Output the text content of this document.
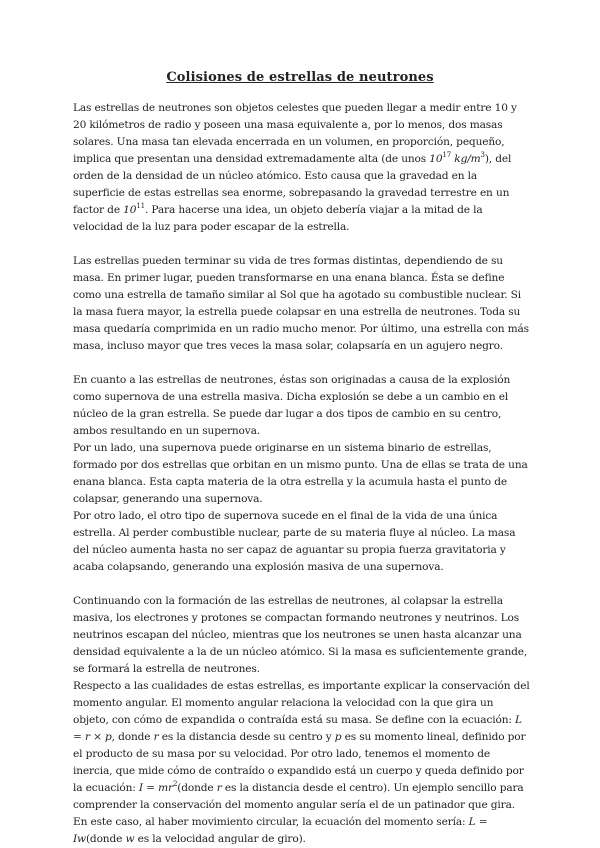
Colisiones de estrellas de neutrones

Las estrellas de neutrones son objetos celestes que pueden llegar a medir entre 10 y 20 kilómetros de radio y poseen una masa equivalente a, por lo menos, dos masas solares. Una masa tan elevada encerrada en un volumen, en proporción, pequeño, implica que presentan una densidad extremadamente alta (de unos $10^{17}$ $kg/m^3$), del orden de la densidad de un núcleo atómico. Esto causa que la gravedad en la superficie de estas estrellas sea enorme, sobrepasando la gravedad terrestre en un factor de $10^{11}$. Para hacerse una idea, un objeto debería viajar a la mitad de la velocidad de la luz para poder escapar de la estrella.

Las estrellas pueden terminar su vida de tres formas distintas, dependiendo de su masa. En primer lugar, pueden transformarse en una enana blanca. Ésta se define como una estrella de tamaño similar al Sol que ha agotado su combustible nuclear. Si la masa fuera mayor, la estrella puede colapsar en una estrella de neutrones. Toda su masa quedaría comprimida en un radio mucho menor. Por último, una estrella con más masa, incluso mayor que tres veces la masa solar, colapsaría en un agujero negro.

En cuanto a las estrellas de neutrones, éstas son originadas a causa de la explosión como supernova de una estrella masiva. Dicha explosión se debe a un cambio en el núcleo de la gran estrella. Se puede dar lugar a dos tipos de cambio en su centro, ambos resultando en un supernova.

Por un lado, una supernova puede originarse en un sistema binario de estrellas, formado por dos estrellas que orbitan en un mismo punto. Una de ellas se trata de una enana blanca. Esta capta materia de la otra estrella y la acumula hasta el punto de colapsar, generando una supernova.

Por otro lado, el otro tipo de supernova sucede en el final de la vida de una única estrella. Al perder combustible nuclear, parte de su materia fluye al núcleo. La masa del núcleo aumenta hasta no ser capaz de aguantar su propia fuerza gravitatoria y acaba colapsando, generando una explosión masiva de una supernova.

Continuando con la formación de las estrellas de neutrones, al colapsar la estrella masiva, los electrones y protones se compactan formando neutrones y neutrinos. Los neutrinos escapan del núcleo, mientras que los neutrones se unen hasta alcanzar una densidad equivalente a la de un núcleo atómico. Si la masa es suficientemente grande, se formará la estrella de neutrones.

Respecto a las cualidades de estas estrellas, es importante explicar la conservación del momento angular. El momento angular relaciona la velocidad con la que gira un objeto, con cómo de expandida o contraída está su masa. Se define con la ecuación: L = r × p, donde r es la distancia desde su centro y p es su momento lineal, definido por el producto de su masa por su velocidad. Por otro lado, tenemos el momento de inercia, que mide cómo de contraído o expandido está un cuerpo y queda definido por la ecuación: $I = mr^2(donde$ r es la distancia desde el centro). Un ejemplo sencillo para comprender la conservación del momento angular sería el de un patinador que gira. En este caso, al haber movimiento circular, la ecuación del momento sería: L = Iw(donde w es la velocidad angular de giro).
